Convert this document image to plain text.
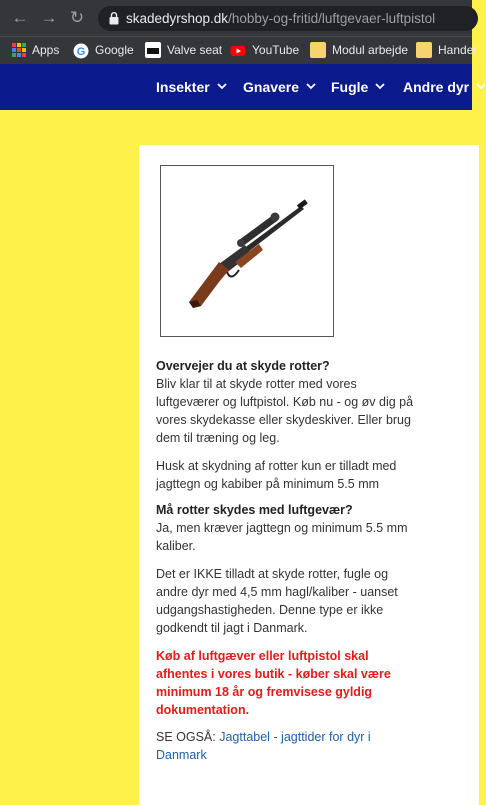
← → ↻	skadedyrshop.dk/hobby-og-fritid/luftgevaer-luftpistol
Apps G Google	Valve seat	YouTube	Modul arbejde	Handel
Insekter	Gnavere	Fugle	Andre dyr
Overvejer du at skyde rotter?
Bliv klar til at skyde rotter med vores luftgeværer og luftpistol. Køb nu - og øv dig på vores skydekasse eller skydeskiver. Eller brug dem til træning og leg.
Husk at skydning af rotter kun er tilladt med jagttegn og kabiber på minimum 5.5 mm
Må rotter skydes med luftgevær?
Ja, men kræver jagttegn og minimum 5.5 mm kaliber.
Det er IKKE tilladt at skyde rotter, fugle og andre dyr med 4,5 mm hagl/kaliber - uanset udgangshastigheden. Denne type er ikke godkendt til jagt i Danmark.
Køb af luftgæver eller luftpistol skal afhentes i vores butik - køber skal være minimum 18 år og fremvisese gyldig dokumentation.
SE OGSÅ: Jagttabel - jagttider for dyr i Danmark
